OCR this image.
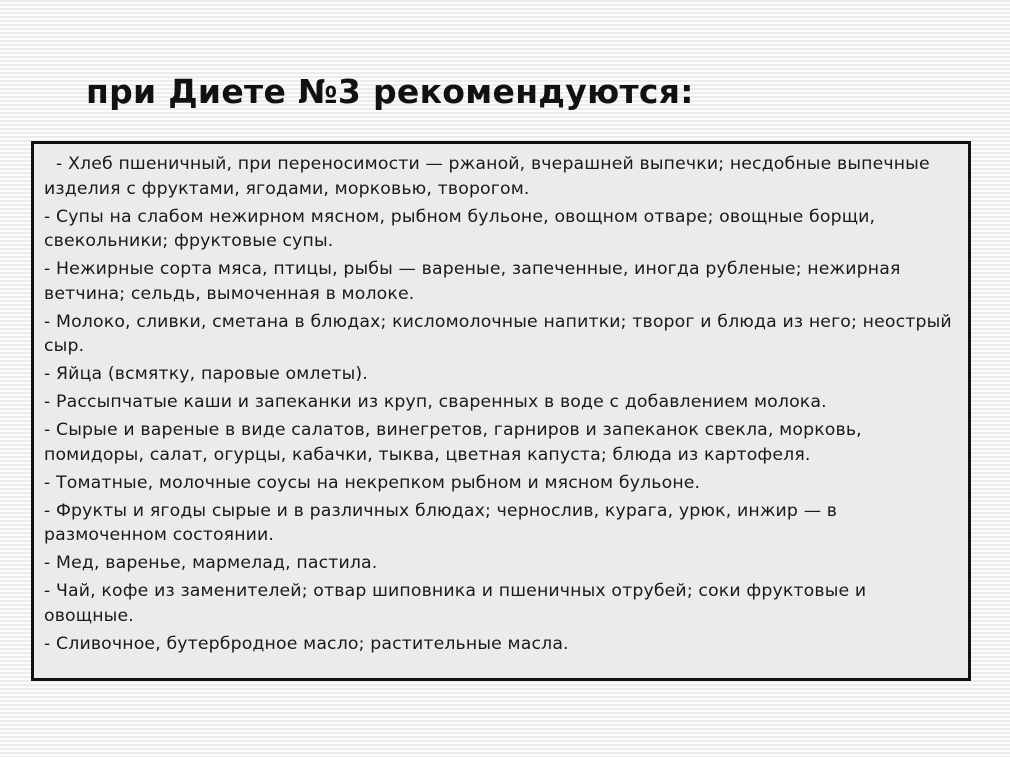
при Диете №3 рекомендуются:

- Хлеб пшеничный, при переносимости — ржаной, вчерашней выпечки; несдобные выпечные изделия с фруктами, ягодами, морковью, творогом.

- Супы на слабом нежирном мясном, рыбном бульоне, овощном отваре; овощные борщи, свекольники; фруктовые супы.

- Нежирные сорта мяса, птицы, рыбы — вареные, запеченные, иногда рубленые; нежирная ветчина; сельдь, вымоченная в молоке.

- Молоко, сливки, сметана в блюдах; кисломолочные напитки; творог и блюда из него; неострый сыр.

- Яйца (всмятку, паровые омлеты).

- Рассыпчатые каши и запеканки из круп, сваренных в воде с добавлением молока.

- Сырые и вареные в виде салатов, винегретов, гарниров и запеканок свекла, морковь, помидоры, салат, огурцы, кабачки, тыква, цветная капуста; блюда из картофеля.

- Томатные, молочные соусы на некрепком рыбном и мясном бульоне.

- Фрукты и ягоды сырые и в различных блюдах; чернослив, курага, урюк, инжир — в размоченном состоянии.

- Мед, варенье, мармелад, пастила.

- Чай, кофе из заменителей; отвар шиповника и пшеничных отрубей; соки фруктовые и овощные.

- Сливочное, бутербродное масло; растительные масла.
